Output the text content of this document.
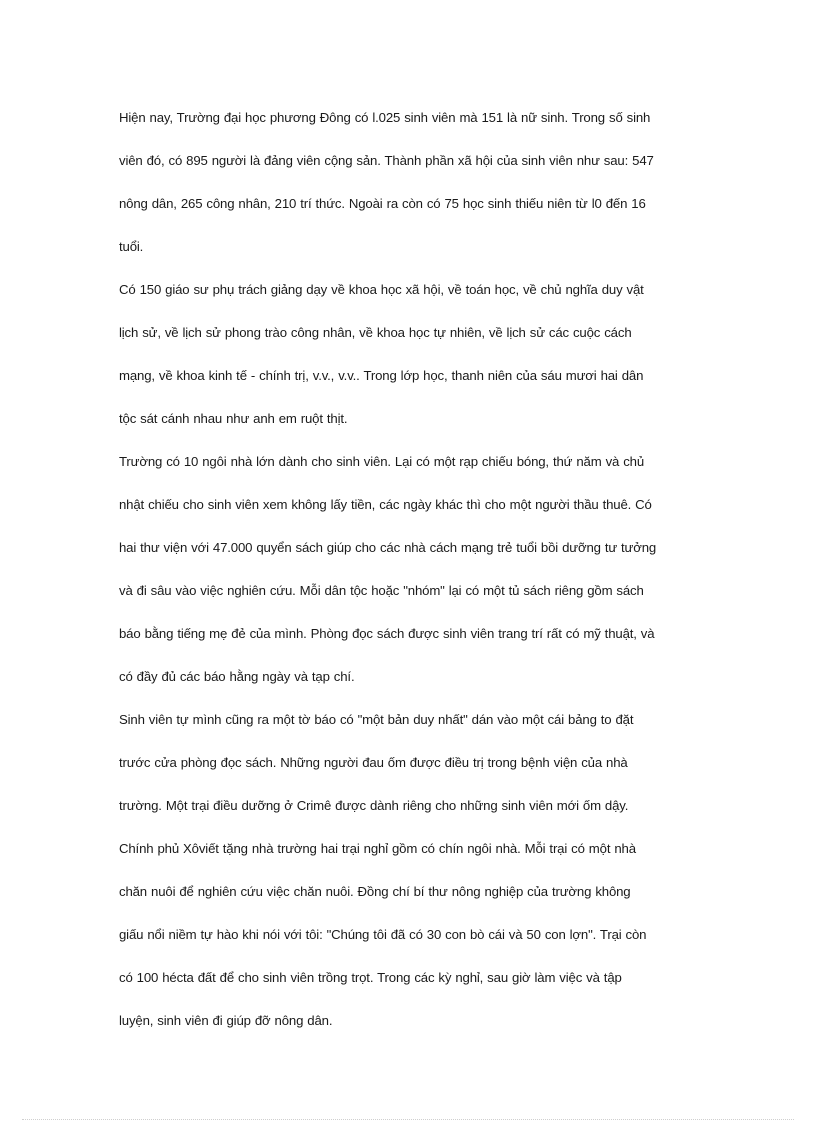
Hiện nay, Trường đại học phương Đông có l.025 sinh viên mà 151 là nữ sinh. Trong số sinh
viên đó, có 895 người là đảng viên cộng sản. Thành phần xã hội của sinh viên như sau: 547
nông dân, 265 công nhân, 210 trí thức. Ngoài ra còn có 75 học sinh thiếu niên từ l0 đến 16
tuổi.

Có 150 giáo sư phụ trách giảng dạy về khoa học xã hội, về toán học, về chủ nghĩa duy vật
lịch sử, về lịch sử phong trào công nhân, về khoa học tự nhiên, về lịch sử các cuộc cách
mạng, về khoa kinh tế - chính trị, v.v., v.v.. Trong lớp học, thanh niên của sáu mươi hai dân
tộc sát cánh nhau như anh em ruột thịt.

Trường có 10 ngôi nhà lớn dành cho sinh viên. Lại có một rạp chiếu bóng, thứ năm và chủ
nhật chiếu cho sinh viên xem không lấy tiền, các ngày khác thì cho một người thầu thuê. Có
hai thư viện với 47.000 quyển sách giúp cho các nhà cách mạng trẻ tuổi bồi dưỡng tư tưởng
và đi sâu vào việc nghiên cứu. Mỗi dân tộc hoặc "nhóm" lại có một tủ sách riêng gồm sách
báo bằng tiếng mẹ đẻ của mình. Phòng đọc sách được sinh viên trang trí rất có mỹ thuật, và
có đầy đủ các báo hằng ngày và tạp chí.

Sinh viên tự mình cũng ra một tờ báo có "một bản duy nhất" dán vào một cái bảng to đặt
trước cửa phòng đọc sách. Những người đau ốm được điều trị trong bệnh viện của nhà
trường. Một trại điều dưỡng ở Crimê được dành riêng cho những sinh viên mới ốm dậy.
Chính phủ Xôviết tặng nhà trường hai trại nghỉ gồm có chín ngôi nhà. Mỗi trại có một nhà
chăn nuôi để nghiên cứu việc chăn nuôi. Đồng chí bí thư nông nghiệp của trường không
giấu nổi niềm tự hào khi nói với tôi: "Chúng tôi đã có 30 con bò cái và 50 con lợn". Trại còn
có 100 hécta đất để cho sinh viên trồng trọt. Trong các kỳ nghỉ, sau giờ làm việc và tập
luyện, sinh viên đi giúp đỡ nông dân.
